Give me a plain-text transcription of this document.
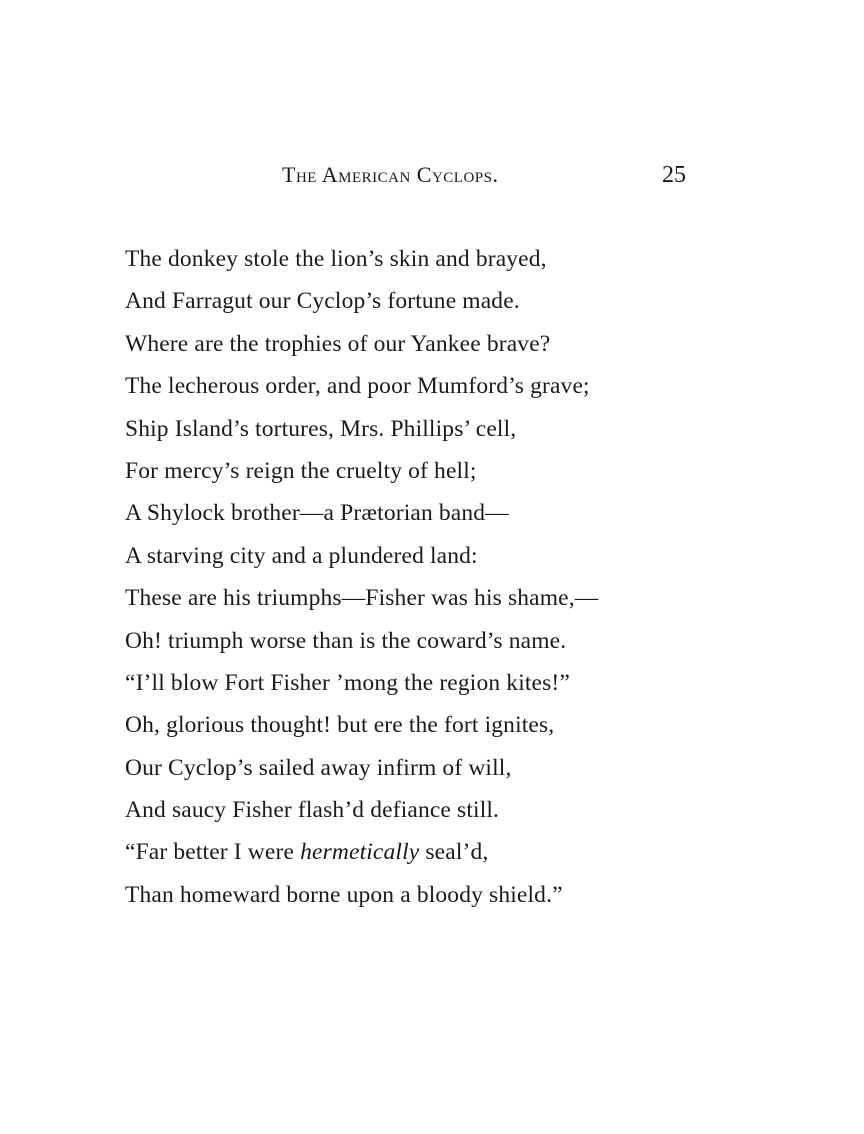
The American Cyclops.	25
The donkey stole the lion’s skin and brayed,
And Farragut our Cyclop’s fortune made.
Where are the trophies of our Yankee brave?
The lecherous order, and poor Mumford’s grave;
Ship Island’s tortures, Mrs. Phillips’ cell,
For mercy’s reign the cruelty of hell;
A Shylock brother—a Prætorian band—
A starving city and a plundered land:
These are his triumphs—Fisher was his shame,—
Oh! triumph worse than is the coward’s name.
“I’ll blow Fort Fisher ’mong the region kites!”
Oh, glorious thought! but ere the fort ignites,
Our Cyclop’s sailed away infirm of will,
And saucy Fisher flash’d defiance still.
“Far better I were hermetically seal’d,
Than homeward borne upon a bloody shield.”
